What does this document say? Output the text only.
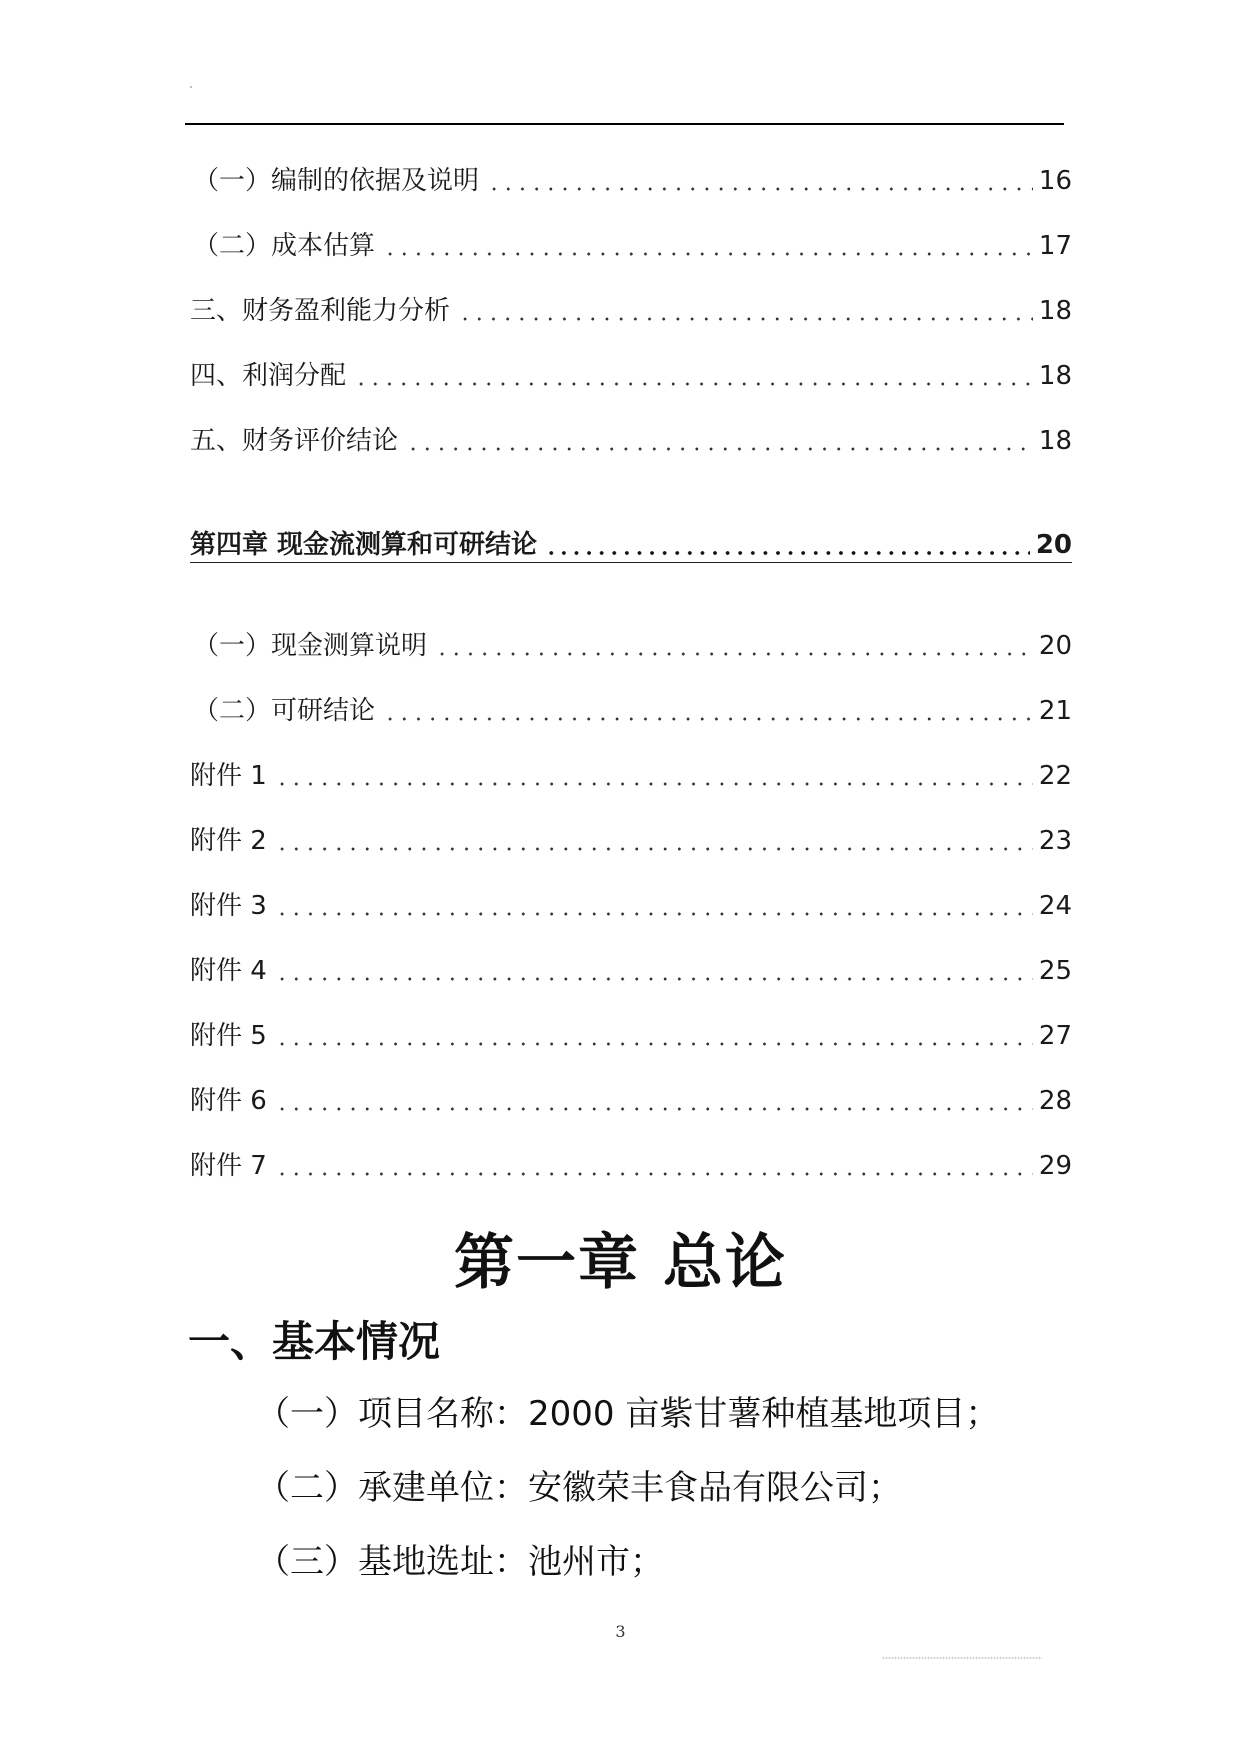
（一）编制的依据及说明	16
（二）成本估算	17
三、财务盈利能力分析	18
四、利润分配	18
五、财务评价结论	18
第四章 现金流测算和可研结论	20
（一）现金测算说明	20
（二）可研结论	21
附件 1	22
附件 2	23
附件 3	24
附件 4	25
附件 5	27
附件 6	28
附件 7	29
第一章 总论
一、基本情况
（一）项目名称：2000 亩紫甘薯种植基地项目；
（二）承建单位：安徽荣丰食品有限公司；
（三）基地选址：池州市；
3
